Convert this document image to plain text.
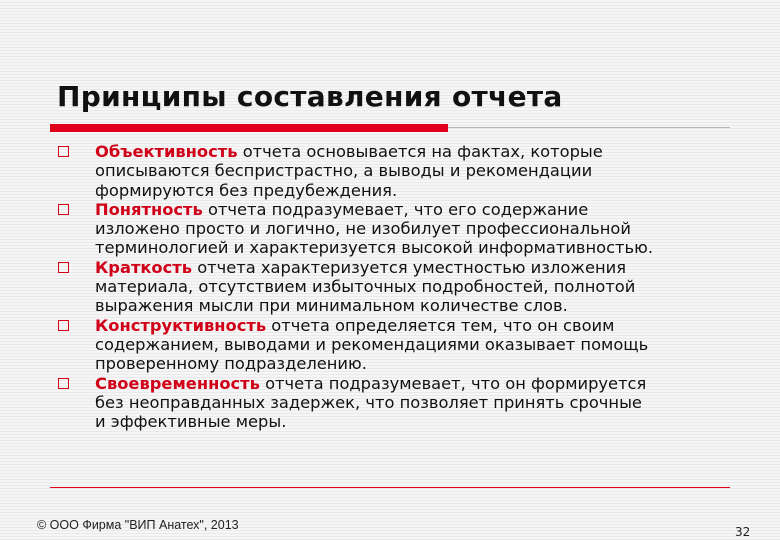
Принципы составления отчета
Объективность отчета основывается на фактах, которые
описываются беспристрастно, а выводы и рекомендации
формируются без предубеждения.
Понятность отчета подразумевает, что его содержание
изложено просто и логично, не изобилует профессиональной
терминологией и характеризуется высокой информативностью.
Краткость отчета характеризуется уместностью изложения
материала, отсутствием избыточных подробностей, полнотой
выражения мысли при минимальном количестве слов.
Конструктивность отчета определяется тем, что он своим
содержанием, выводами и рекомендациями оказывает помощь
проверенному подразделению.
Своевременность отчета подразумевает, что он формируется
без неоправданных задержек, что позволяет принять срочные
и эффективные меры.
© ООО Фирма "ВИП Анатех", 2013	32
